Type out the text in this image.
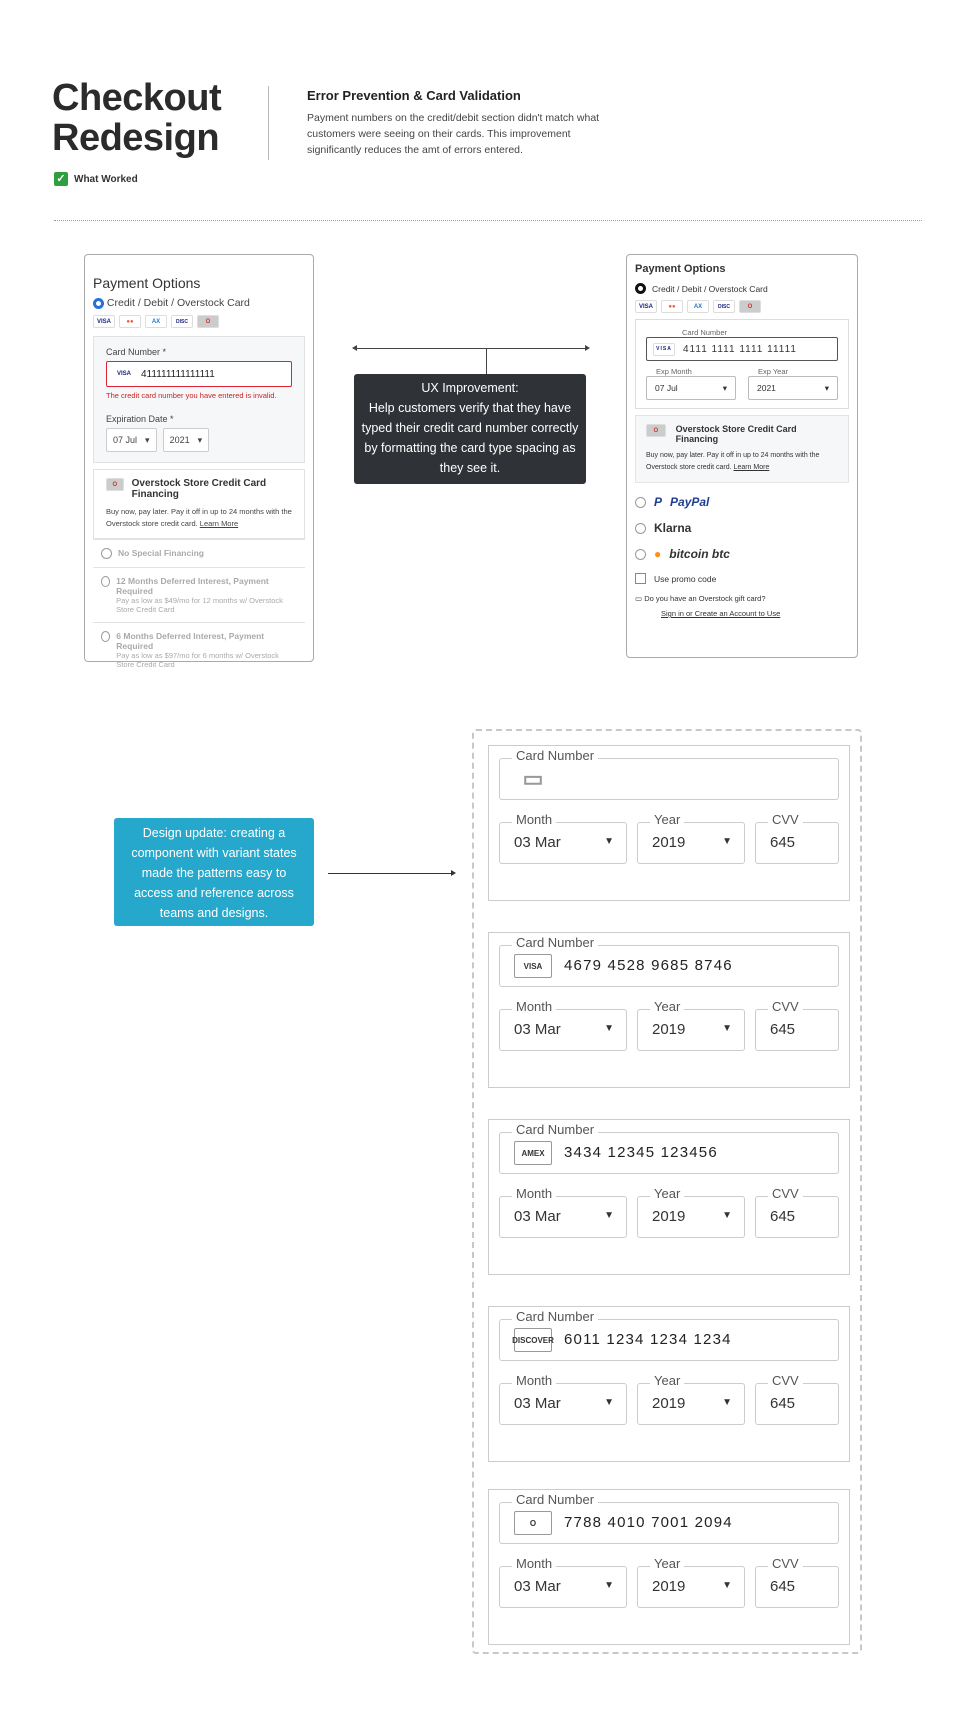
Checkout
Redesign
Error Prevention & Card Validation
Payment numbers on the credit/debit section didn't match what customers were seeing on their cards. This improvement significantly reduces the amt of errors entered.
✓ What Worked
Payment Options
Credit / Debit / Overstock Card
VISA	●●	AX	DISC	O
Card Number *
VISA	411111111111111
The credit card number you have entered is invalid.
Expiration Date *
07 Jul ▾	2021 ▾
O	Overstock Store Credit Card Financing
Buy now, pay later. Pay it off in up to 24 months with the Overstock store credit card. Learn More
No Special Financing
12 Months Deferred Interest, Payment Required
Pay as low as $49/mo for 12 months w/ Overstock Store Credit Card
6 Months Deferred Interest, Payment Required
Pay as low as $97/mo for 6 months w/ Overstock Store Credit Card
UX Improvement:
Help customers verify that they have typed their credit card number correctly by formatting the card type spacing as they see it.
Payment Options
Credit / Debit / Overstock Card
VISA	●●	AX	DISC	O
Card Number
VISA	4111 1111 1111 11111
Exp Month
07 Jul	▾
Exp Year
2021	▾
O	Overstock Store Credit Card Financing
Buy now, pay later. Pay it off in up to 24 months with the Overstock store credit card. Learn More
P PayPal
Klarna
● bitcoin btc
Use promo code
▭ Do you have an Overstock gift card?
Sign in or Create an Account to Use
Design update: creating a component with variant states made the patterns easy to access and reference across teams and designs.
Card Number
▭
Month
03 Mar	▼
Year
2019	▼
CVV
645
Card Number
VISA	4679 4528 9685 8746
Month
03 Mar	▼
Year
2019	▼
CVV
645
Card Number
AMEX	3434 12345 123456
Month
03 Mar	▼
Year
2019	▼
CVV
645
Card Number
DISCOVER 6011 1234 1234 1234
Month
03 Mar	▼
Year
2019	▼
CVV
645
Card Number
O	7788 4010 7001 2094
Month
03 Mar	▼
Year
2019	▼
CVV
645
